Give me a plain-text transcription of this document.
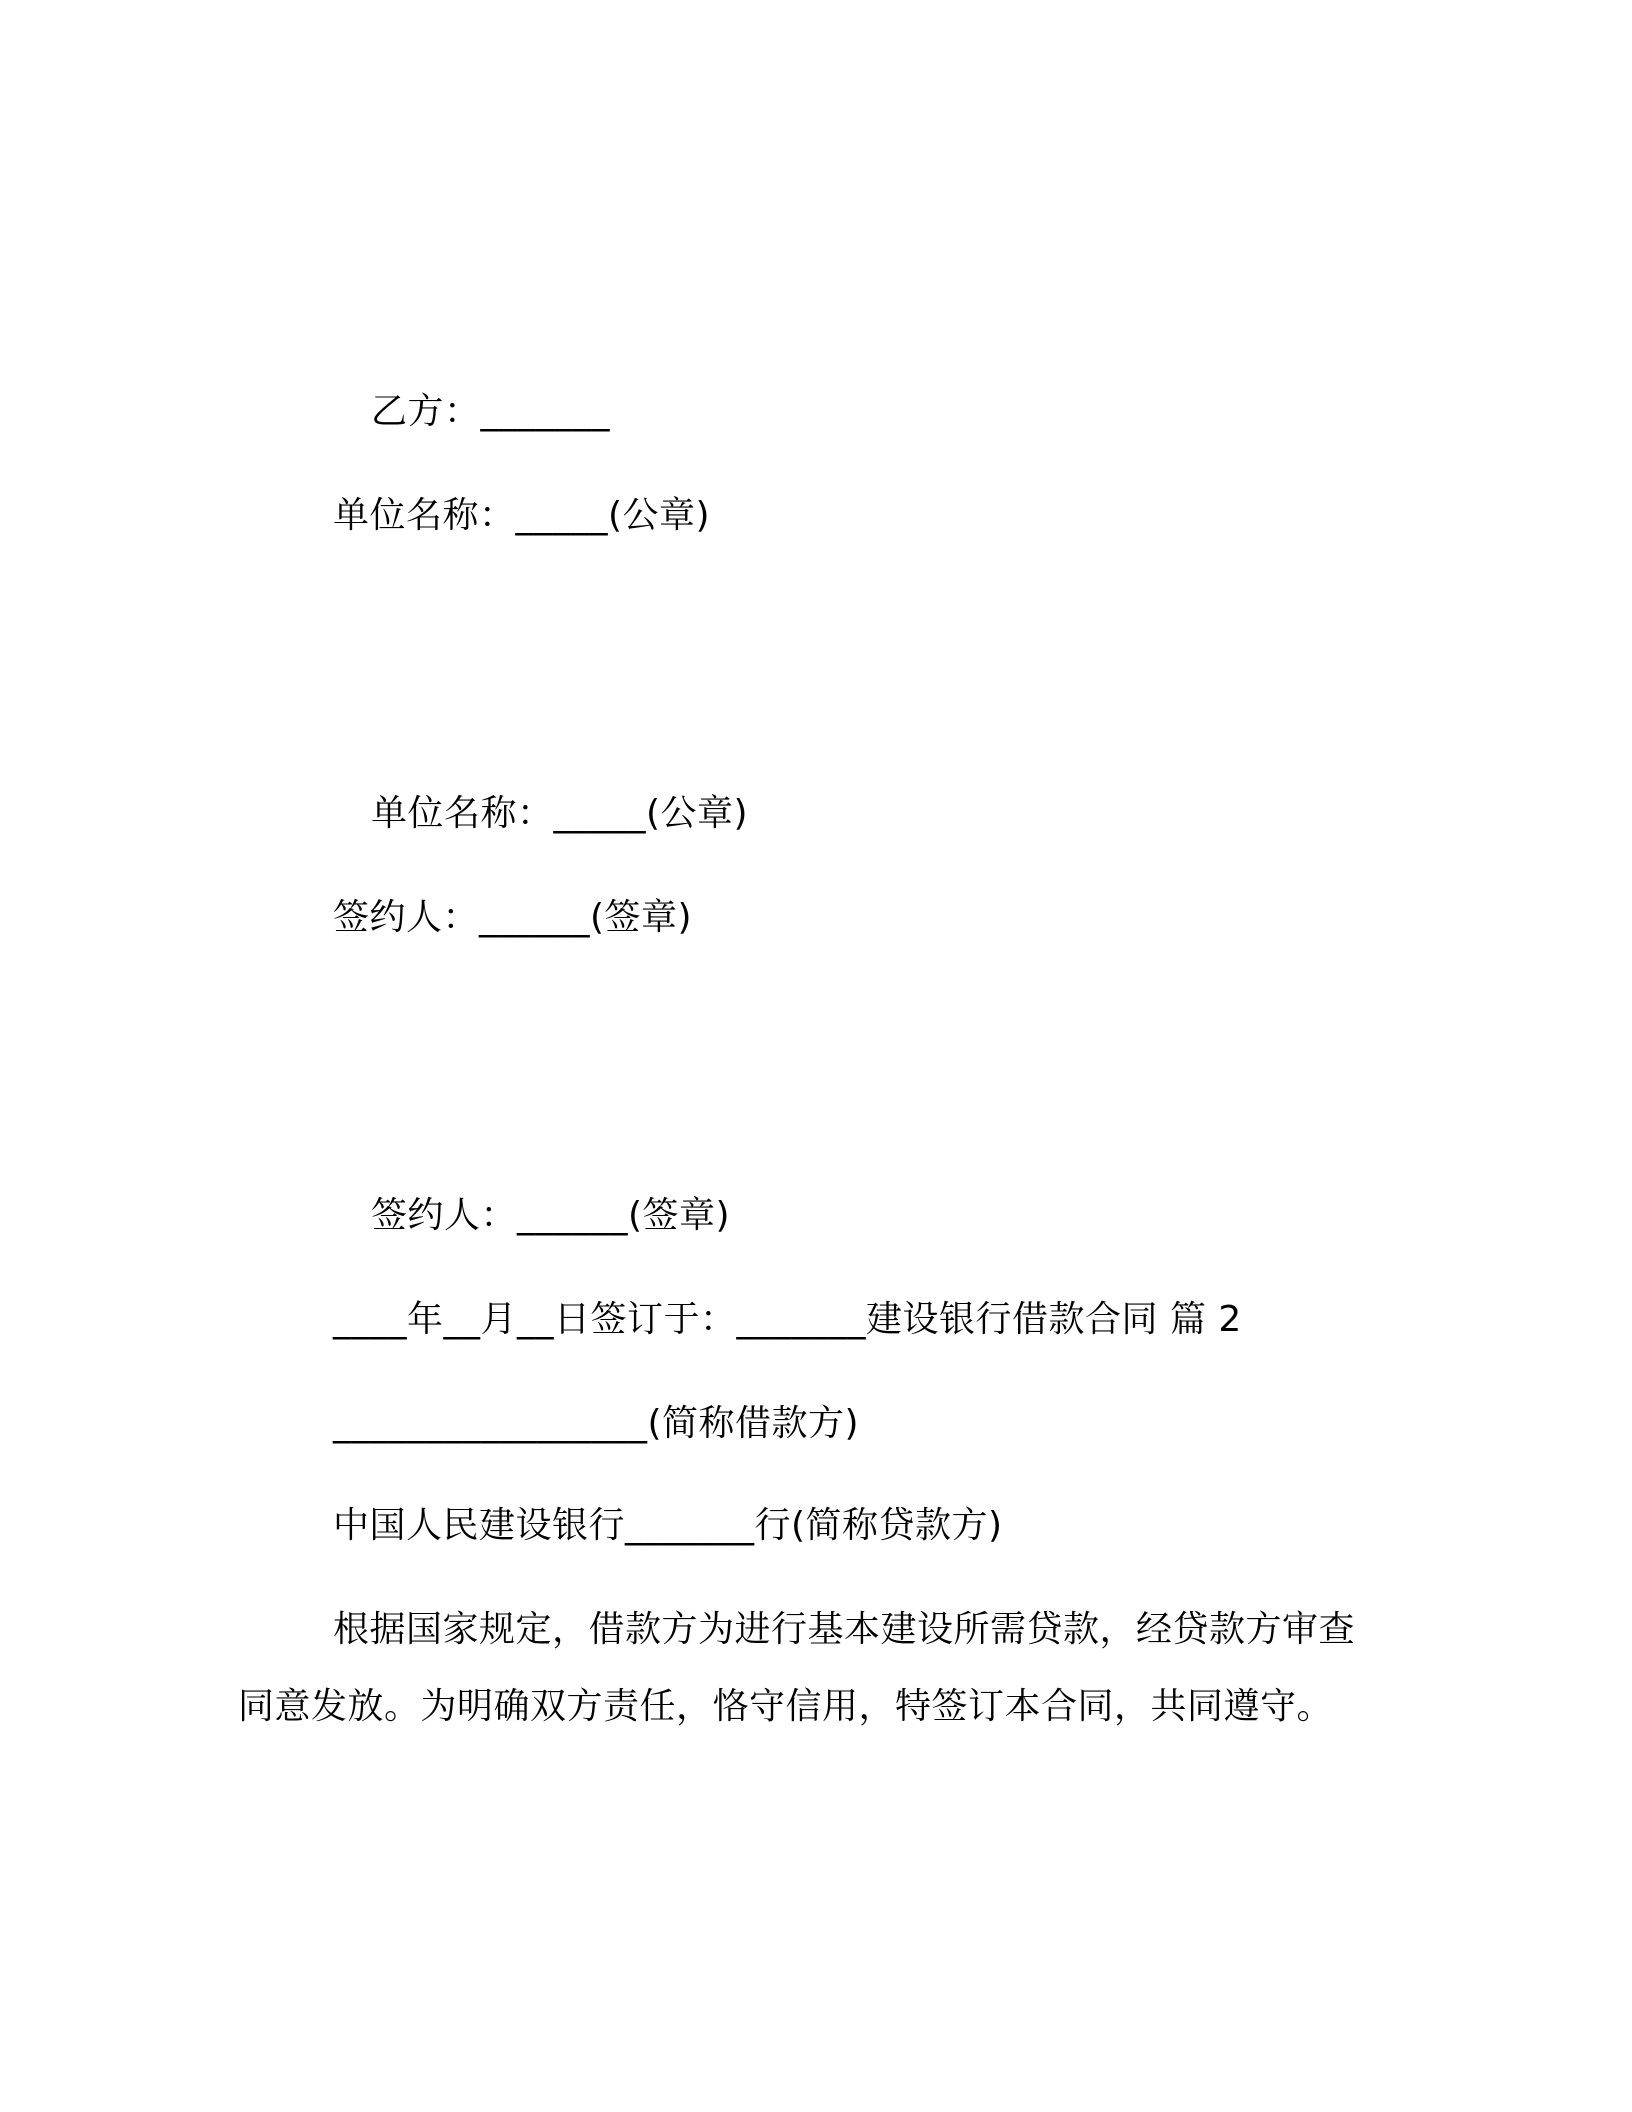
乙方：_______
单位名称：_____(公章)
单位名称：_____(公章)
签约人：______(签章)
签约人：______(签章)
____年__月__日签订于：_______建设银行借款合同 篇 2
_________________(简称借款方)
中国人民建设银行_______行(简称贷款方)
根据国家规定，借款方为进行基本建设所需贷款，经贷款方审查
同意发放。为明确双方责任，恪守信用，特签订本合同，共同遵守。
